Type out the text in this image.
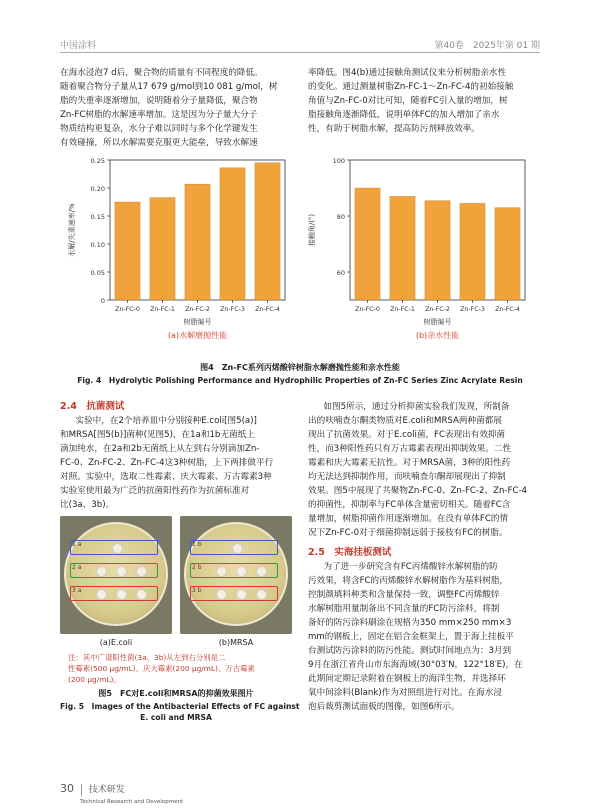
中国涂料	第40卷　2025年第 01 期
在海水浸泡7 d后，聚合物的质量有不同程度的降低。
随着聚合物分子量从17 679 g/mol到10 081 g/mol，树
脂的失重率逐渐增加，说明随着分子量降低，聚合物
Zn-FC树脂的水解速率增加。这是因为分子量大分子
物质结构更复杂，水分子难以同时与多个化学键发生
有效碰撞，所以水解需要克服更大能垒，导致水解速
率降低。图4(b)通过接触角测试仪来分析树脂亲水性
的变化。通过测量树脂Zn-FC-1～Zn-FC-4的初始接触
角值与Zn-FC-0对比可知，随着FC引入量的增加，树
脂接触角逐渐降低，说明单体FC的加入增加了亲水
性，有助于树脂水解，提高防污剂释放效率。
0
0.05
0.10
0.15
0.20
0.25
Zn-FC-0 Zn-FC-1 Zn-FC-2 Zn-FC-3 Zn-FC-4
树脂编号
水解/失重速率/%
(a)水解磨抛性能
60
80
100
Zn-FC-0 Zn-FC-1 Zn-FC-2 Zn-FC-3 Zn-FC-4
树脂编号
接触角/(°)
(b)亲水性能
图4　Zn-FC系列丙烯酸锌树脂水解磨抛性能和亲水性能
Fig. 4　Hydrolytic Polishing Performance and Hydrophilic Properties of Zn-FC Series Zinc Acrylate Resin
2.4　抗菌测试
实验中，在2个培养皿中分别接种E.coli[图5(a)]
和MRSA[图5(b)]菌种(见图5)，在1a和1b无菌纸上
滴加纯水，在2a和2b无菌纸上从左到右分别滴加Zn-
FC-0、Zn-FC-2、Zn-FC-4这3种树脂，上下两排做平行
对照。实验中，选取二性霉素、庆大霉素、万古霉素3种
实验室使用最为广泛的抗菌阳性药作为抗菌标准对
比(3a、3b)。
1 a
2 a
3 a
1 b
2 b
3 b
(a)E.coli	(b)MRSA
注：其中广谱阳性菌(3a、3b)从左到右分别是二
性霉素(500 μg/mL)、庆大霉素(200 μg/mL)、万古霉素
(200 μg/mL)。
图5　FC对E.coli和MRSA的抑菌效果图片
Fig. 5　Images of the Antibacterial Effects of FC against
E. coli and MRSA
如图5所示，通过分析抑菌实验我们发现，所制备
出的呋喃查尔酮类物质对E.coli和MRSA两种菌都展
现出了抗菌效果。对于E.coli菌，FC表现出有效抑菌
性，而3种阳性药只有万古霉素表现出抑制效果。二性
霉素和庆大霉素无抗性。对于MRSA菌，3种的阳性药
均无法达到抑制作用，而呋喃查尔酮却展现出了抑制
效果。图5中展现了共聚物Zn-FC-0、Zn-FC-2、Zn-FC-4
的抑菌性，抑制率与FC单体含量密切相关。随着FC含
量增加，树脂抑菌作用逐渐增加。在没有单体FC的情
况下Zn-FC-0对于细菌抑制远弱于接枝有FC的树脂。
2.5　实海挂板测试
为了进一步研究含有FC丙烯酸锌水解树脂的防
污效果，将含FC的丙烯酸锌水解树脂作为基料树脂，
控制颜填料种类和含量保持一致，调整FC丙烯酸锌
水解树脂用量制备出不同含量的FC防污涂料，将制
备好的防污涂料刷涂在规格为350 mm×250 mm×3
mm的钢板上，固定在铝合金框架上，置于海上挂板平
台测试防污涂料的防污性能。测试时间地点为：3月到
9月在浙江省舟山市东海海域(30°03′N，122°18′E)，在
此期间定期记录附着在钢板上的海洋生物，并选择环
氧中间涂料(Blank)作为对照组进行对比。在海水浸
泡后裁剪测试面板的图像，如图6所示。
30 技术研发
Technical Research and Development
